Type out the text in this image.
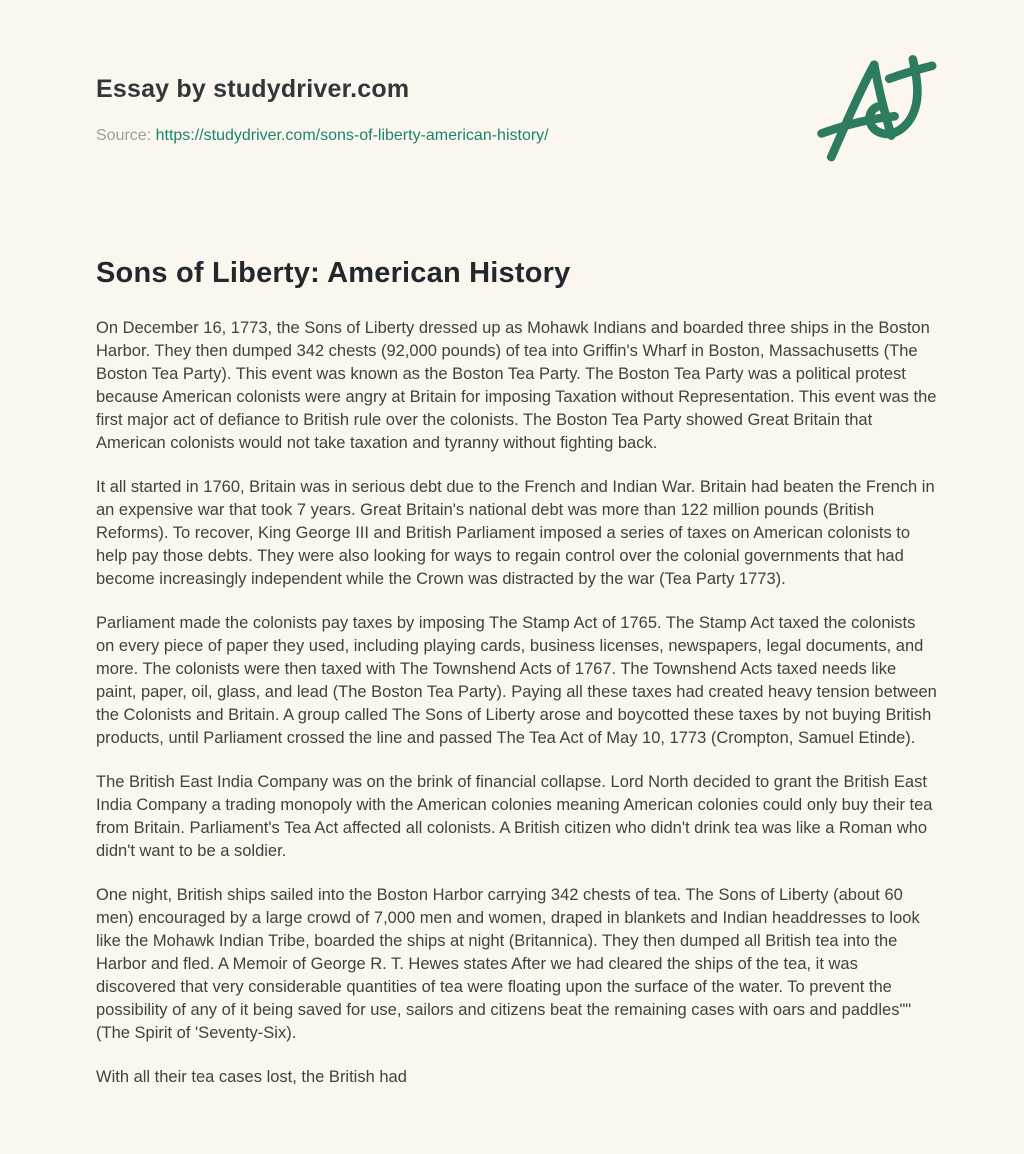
Essay by studydriver.com
Source: https://studydriver.com/sons-of-liberty-american-history/
Sons of Liberty: American History

On December 16, 1773, the Sons of Liberty dressed up as Mohawk Indians and boarded three ships in the Boston Harbor. They then dumped 342 chests (92,000 pounds) of tea into Griffin's Wharf in Boston, Massachusetts (The Boston Tea Party). This event was known as the Boston Tea Party. The Boston Tea Party was a political protest because American colonists were angry at Britain for imposing Taxation without Representation. This event was the first major act of defiance to British rule over the colonists. The Boston Tea Party showed Great Britain that American colonists would not take taxation and tyranny without fighting back.

It all started in 1760, Britain was in serious debt due to the French and Indian War. Britain had beaten the French in an expensive war that took 7 years. Great Britain's national debt was more than 122 million pounds (British Reforms). To recover, King George III and British Parliament imposed a series of taxes on American colonists to help pay those debts. They were also looking for ways to regain control over the colonial governments that had become increasingly independent while the Crown was distracted by the war (Tea Party 1773).

Parliament made the colonists pay taxes by imposing The Stamp Act of 1765. The Stamp Act taxed the colonists on every piece of paper they used, including playing cards, business licenses, newspapers, legal documents, and more. The colonists were then taxed with The Townshend Acts of 1767. The Townshend Acts taxed needs like paint, paper, oil, glass, and lead (The Boston Tea Party). Paying all these taxes had created heavy tension between the Colonists and Britain. A group called The Sons of Liberty arose and boycotted these taxes by not buying British products, until Parliament crossed the line and passed The Tea Act of May 10, 1773 (Crompton, Samuel Etinde).

The British East India Company was on the brink of financial collapse. Lord North decided to grant the British East India Company a trading monopoly with the American colonies meaning American colonies could only buy their tea from Britain. Parliament's Tea Act affected all colonists. A British citizen who didn't drink tea was like a Roman who didn't want to be a soldier.

One night, British ships sailed into the Boston Harbor carrying 342 chests of tea. The Sons of Liberty (about 60 men) encouraged by a large crowd of 7,000 men and women, draped in blankets and Indian headdresses to look like the Mohawk Indian Tribe, boarded the ships at night (Britannica). They then dumped all British tea into the Harbor and fled. A Memoir of George R. T. Hewes states After we had cleared the ships of the tea, it was discovered that very considerable quantities of tea were floating upon the surface of the water. To prevent the possibility of any of it being saved for use, sailors and citizens beat the remaining cases with oars and paddles"" (The Spirit of 'Seventy-Six).

With all their tea cases lost, the British had
